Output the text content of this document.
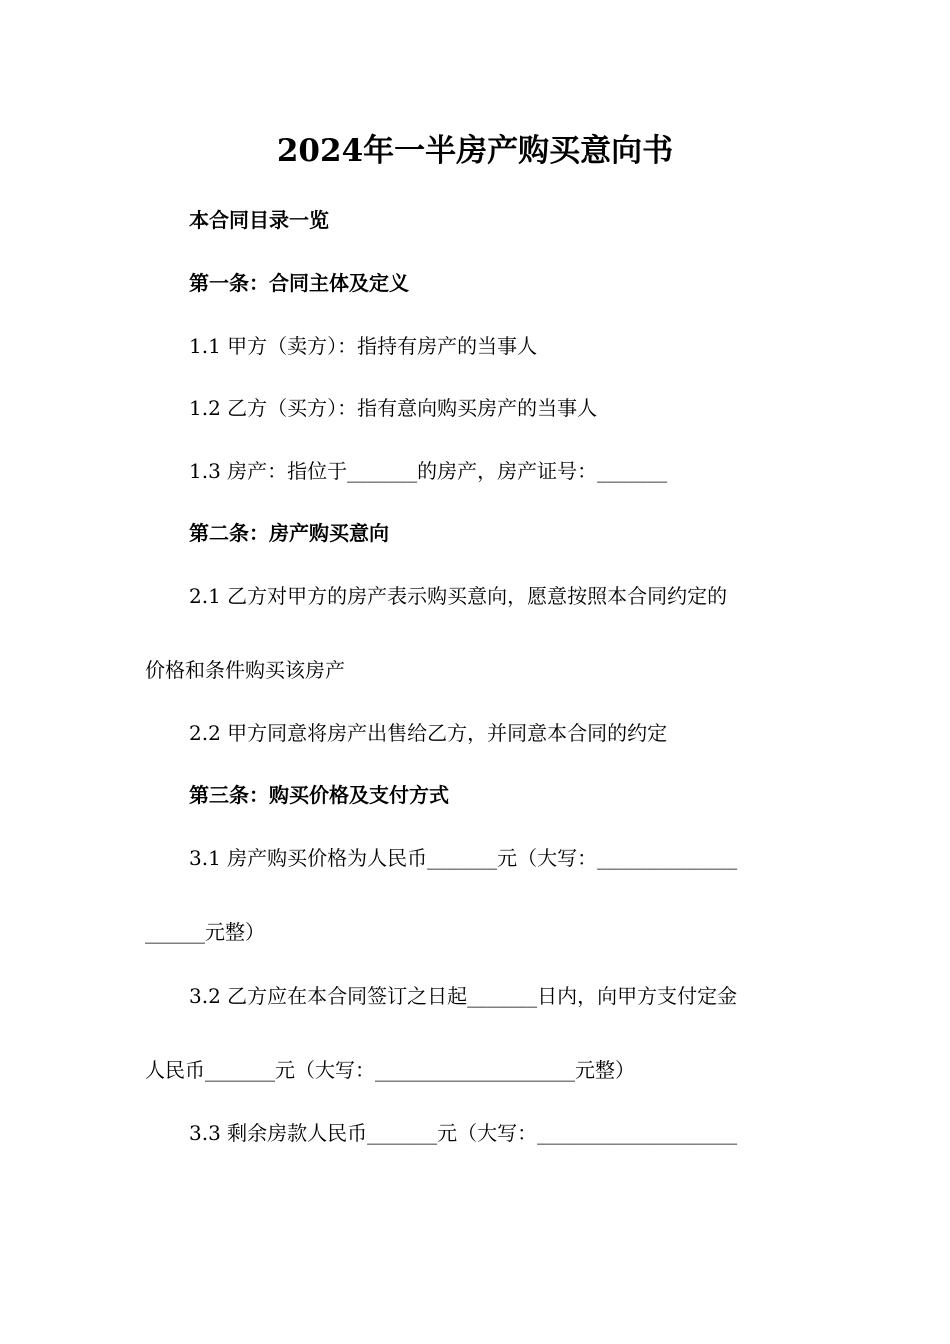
2024年一半房产购买意向书
本合同目录一览
第一条：合同主体及定义
1.1 甲方（卖方）：指持有房产的当事人
1.2 乙方（买方）：指有意向购买房产的当事人
1.3 房产：指位于_______的房产，房产证号：_______
第二条：房产购买意向
2.1 乙方对甲方的房产表示购买意向，愿意按照本合同约定的
价格和条件购买该房产
2.2 甲方同意将房产出售给乙方，并同意本合同的约定
第三条：购买价格及支付方式
3.1 房产购买价格为人民币_______元（大写：______________
______元整）
3.2 乙方应在本合同签订之日起_______日内，向甲方支付定金
人民币_______元（大写：____________________元整）
3.3 剩余房款人民币_______元（大写：____________________
